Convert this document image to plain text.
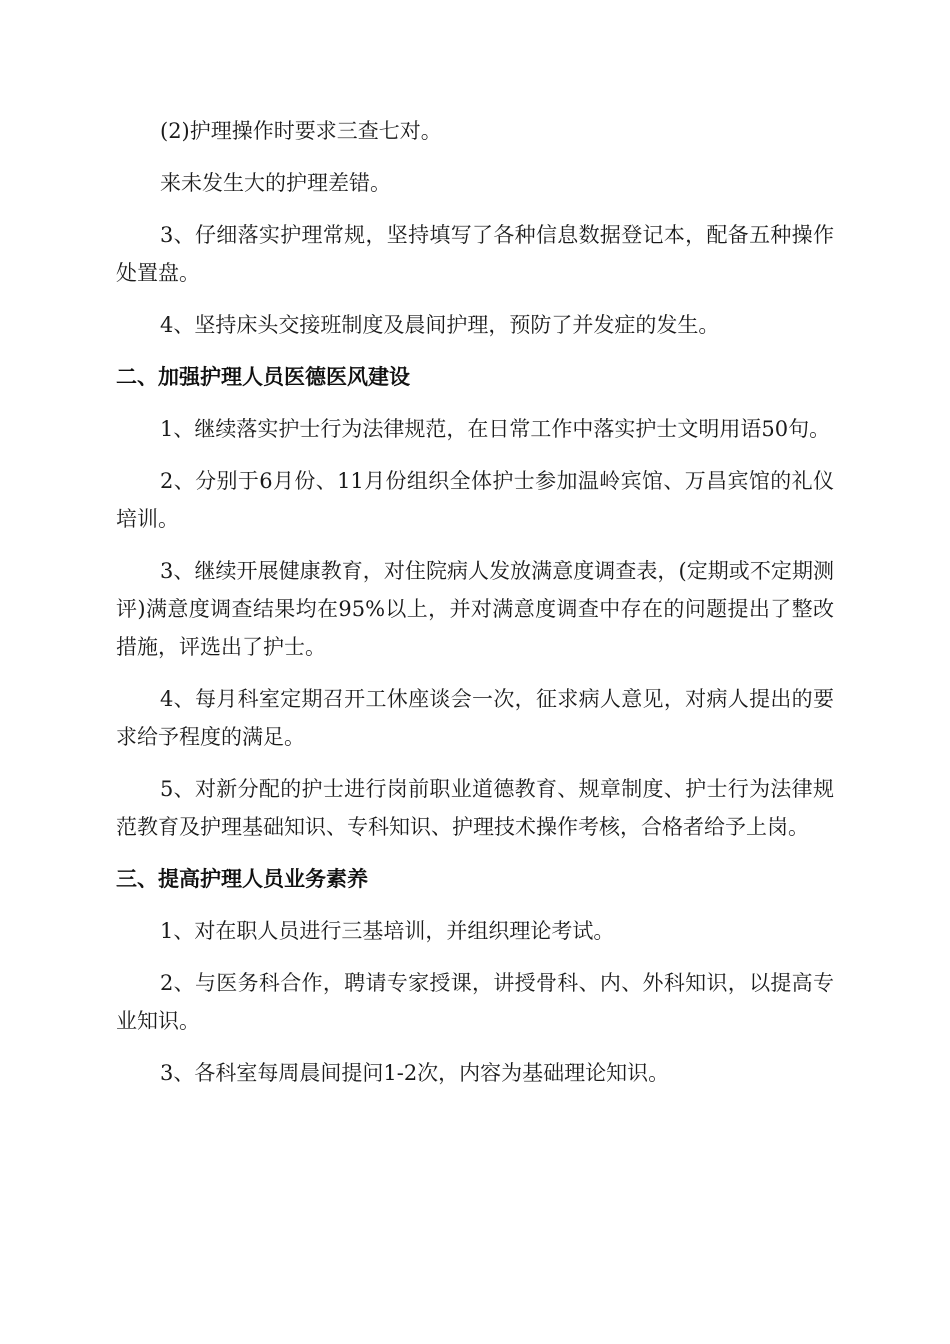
(2)护理操作时要求三查七对。

来未发生大的护理差错。

3、仔细落实护理常规，坚持填写了各种信息数据登记本，配备五种操作处置盘。

4、坚持床头交接班制度及晨间护理，预防了并发症的发生。

二、加强护理人员医德医风建设

1、继续落实护士行为法律规范，在日常工作中落实护士文明用语50句。

2、分别于6月份、11月份组织全体护士参加温岭宾馆、万昌宾馆的礼仪培训。

3、继续开展健康教育，对住院病人发放满意度调查表，(定期或不定期测评)满意度调查结果均在95%以上，并对满意度调查中存在的问题提出了整改措施，评选出了护士。

4、每月科室定期召开工休座谈会一次，征求病人意见，对病人提出的要求给予程度的满足。

5、对新分配的护士进行岗前职业道德教育、规章制度、护士行为法律规范教育及护理基础知识、专科知识、护理技术操作考核，合格者给予上岗。

三、提高护理人员业务素养

1、对在职人员进行三基培训，并组织理论考试。

2、与医务科合作，聘请专家授课，讲授骨科、内、外科知识，以提高专业知识。

3、各科室每周晨间提问1-2次，内容为基础理论知识。
